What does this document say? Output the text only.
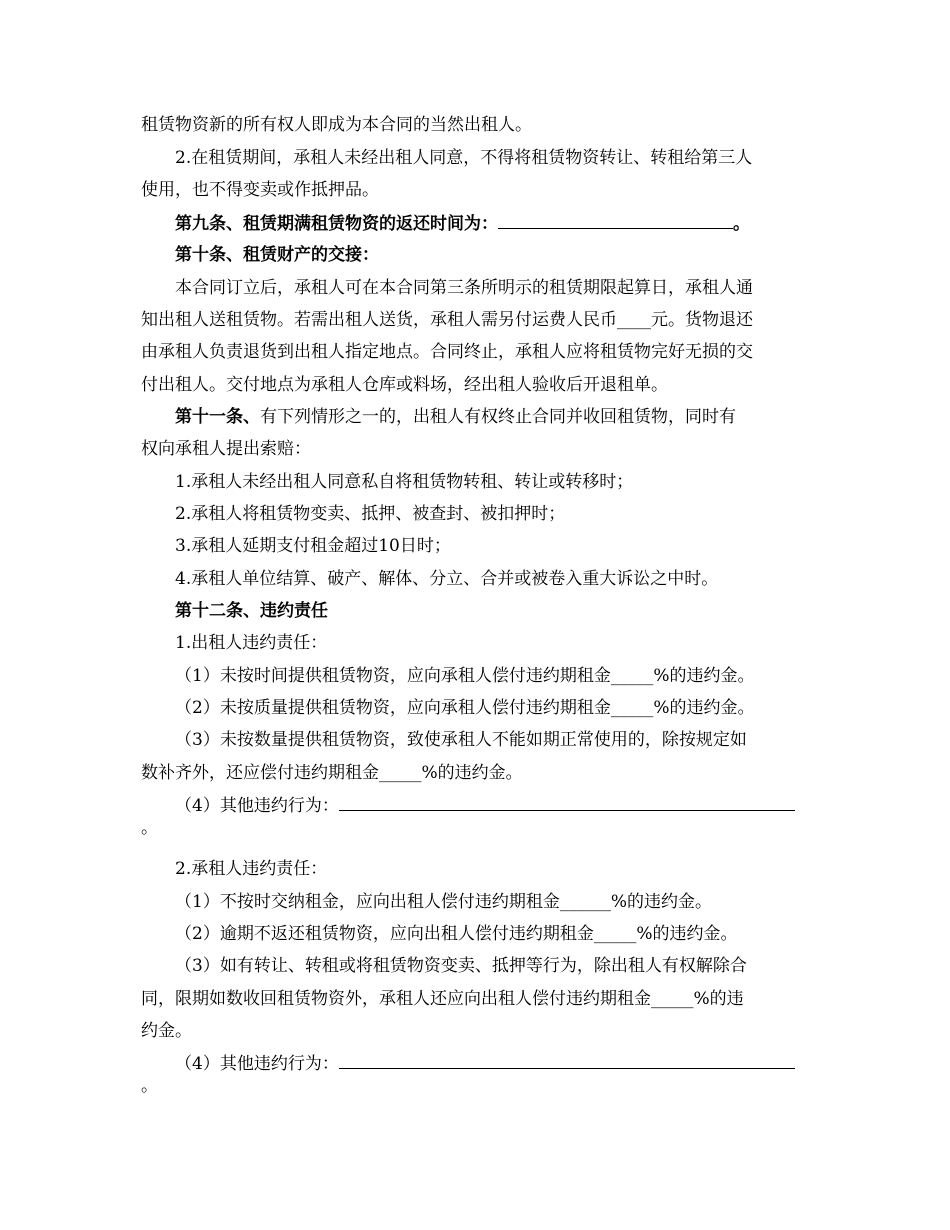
租赁物资新的所有权人即成为本合同的当然出租人。
2.在租赁期间，承租人未经出租人同意，不得将租赁物资转让、转租给第三人
使用，也不得变卖或作抵押品。
第九条、租赁期满租赁物资的返还时间为：	。
第十条、租赁财产的交接：
本合同订立后，承租人可在本合同第三条所明示的租赁期限起算日，承租人通
知出租人送租赁物。若需出租人送货，承租人需另付运费人民币____元。货物退还
由承租人负责退货到出租人指定地点。合同终止，承租人应将租赁物完好无损的交
付出租人。交付地点为承租人仓库或料场，经出租人验收后开退租单。
第十一条、有下列情形之一的，出租人有权终止合同并收回租赁物，同时有
权向承租人提出索赔：
1.承租人未经出租人同意私自将租赁物转租、转让或转移时；
2.承租人将租赁物变卖、抵押、被查封、被扣押时；
3.承租人延期支付租金超过10日时；
4.承租人单位结算、破产、解体、分立、合并或被卷入重大诉讼之中时。
第十二条、违约责任
1.出租人违约责任：
（1）未按时间提供租赁物资，应向承租人偿付违约期租金_____%的违约金。
（2）未按质量提供租赁物资，应向承租人偿付违约期租金_____%的违约金。
（3）未按数量提供租赁物资，致使承租人不能如期正常使用的，除按规定如
数补齐外，还应偿付违约期租金_____%的违约金。
（4）其他违约行为：
。
2.承租人违约责任：
（1）不按时交纳租金，应向出租人偿付违约期租金______%的违约金。
（2）逾期不返还租赁物资，应向出租人偿付违约期租金_____%的违约金。
（3）如有转让、转租或将租赁物资变卖、抵押等行为，除出租人有权解除合
同，限期如数收回租赁物资外，承租人还应向出租人偿付违约期租金_____%的违
约金。
（4）其他违约行为：
。
